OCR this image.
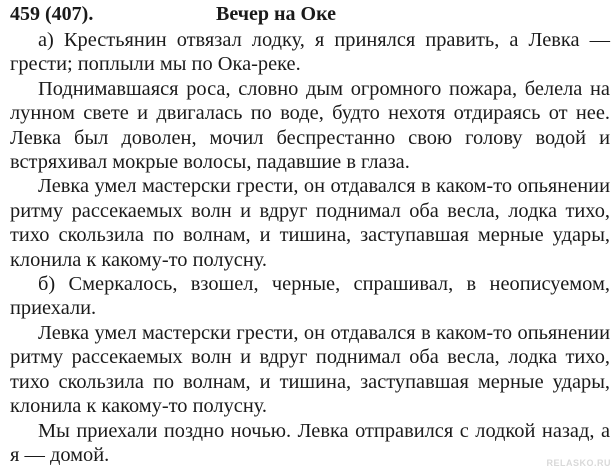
459 (407).	Вечер на Оке

а) Крестьянин отвязал лодку, я принялся править, а Левка — грести; поплыли мы по Ока-реке.

Поднимавшаяся роса, словно дым огромного пожара, белела на лунном свете и двигалась по воде, будто нехотя отдираясь от нее. Левка был доволен, мочил беспрестанно свою голову водой и встряхивал мокрые волосы, падавшие в глаза.

Левка умел мастерски грести, он отдавался в каком-то опьянении ритму рассекаемых волн и вдруг поднимал оба весла, лодка тихо, тихо скользила по волнам, и тишина, заступавшая мерные удары, клонила к какому-то полусну.

б) Смеркалось, взошел, черные, спрашивал, в неописуемом, приехали.

Левка умел мастерски грести, он отдавался в каком-то опьянении ритму рассекаемых волн и вдруг поднимал оба весла, лодка тихо, тихо скользила по волнам, и тишина, заступавшая мерные удары, клонила к какому-то полусну.

Мы приехали поздно ночью. Левка отправился с лодкой назад, а я — домой.	RELASKO.RU
